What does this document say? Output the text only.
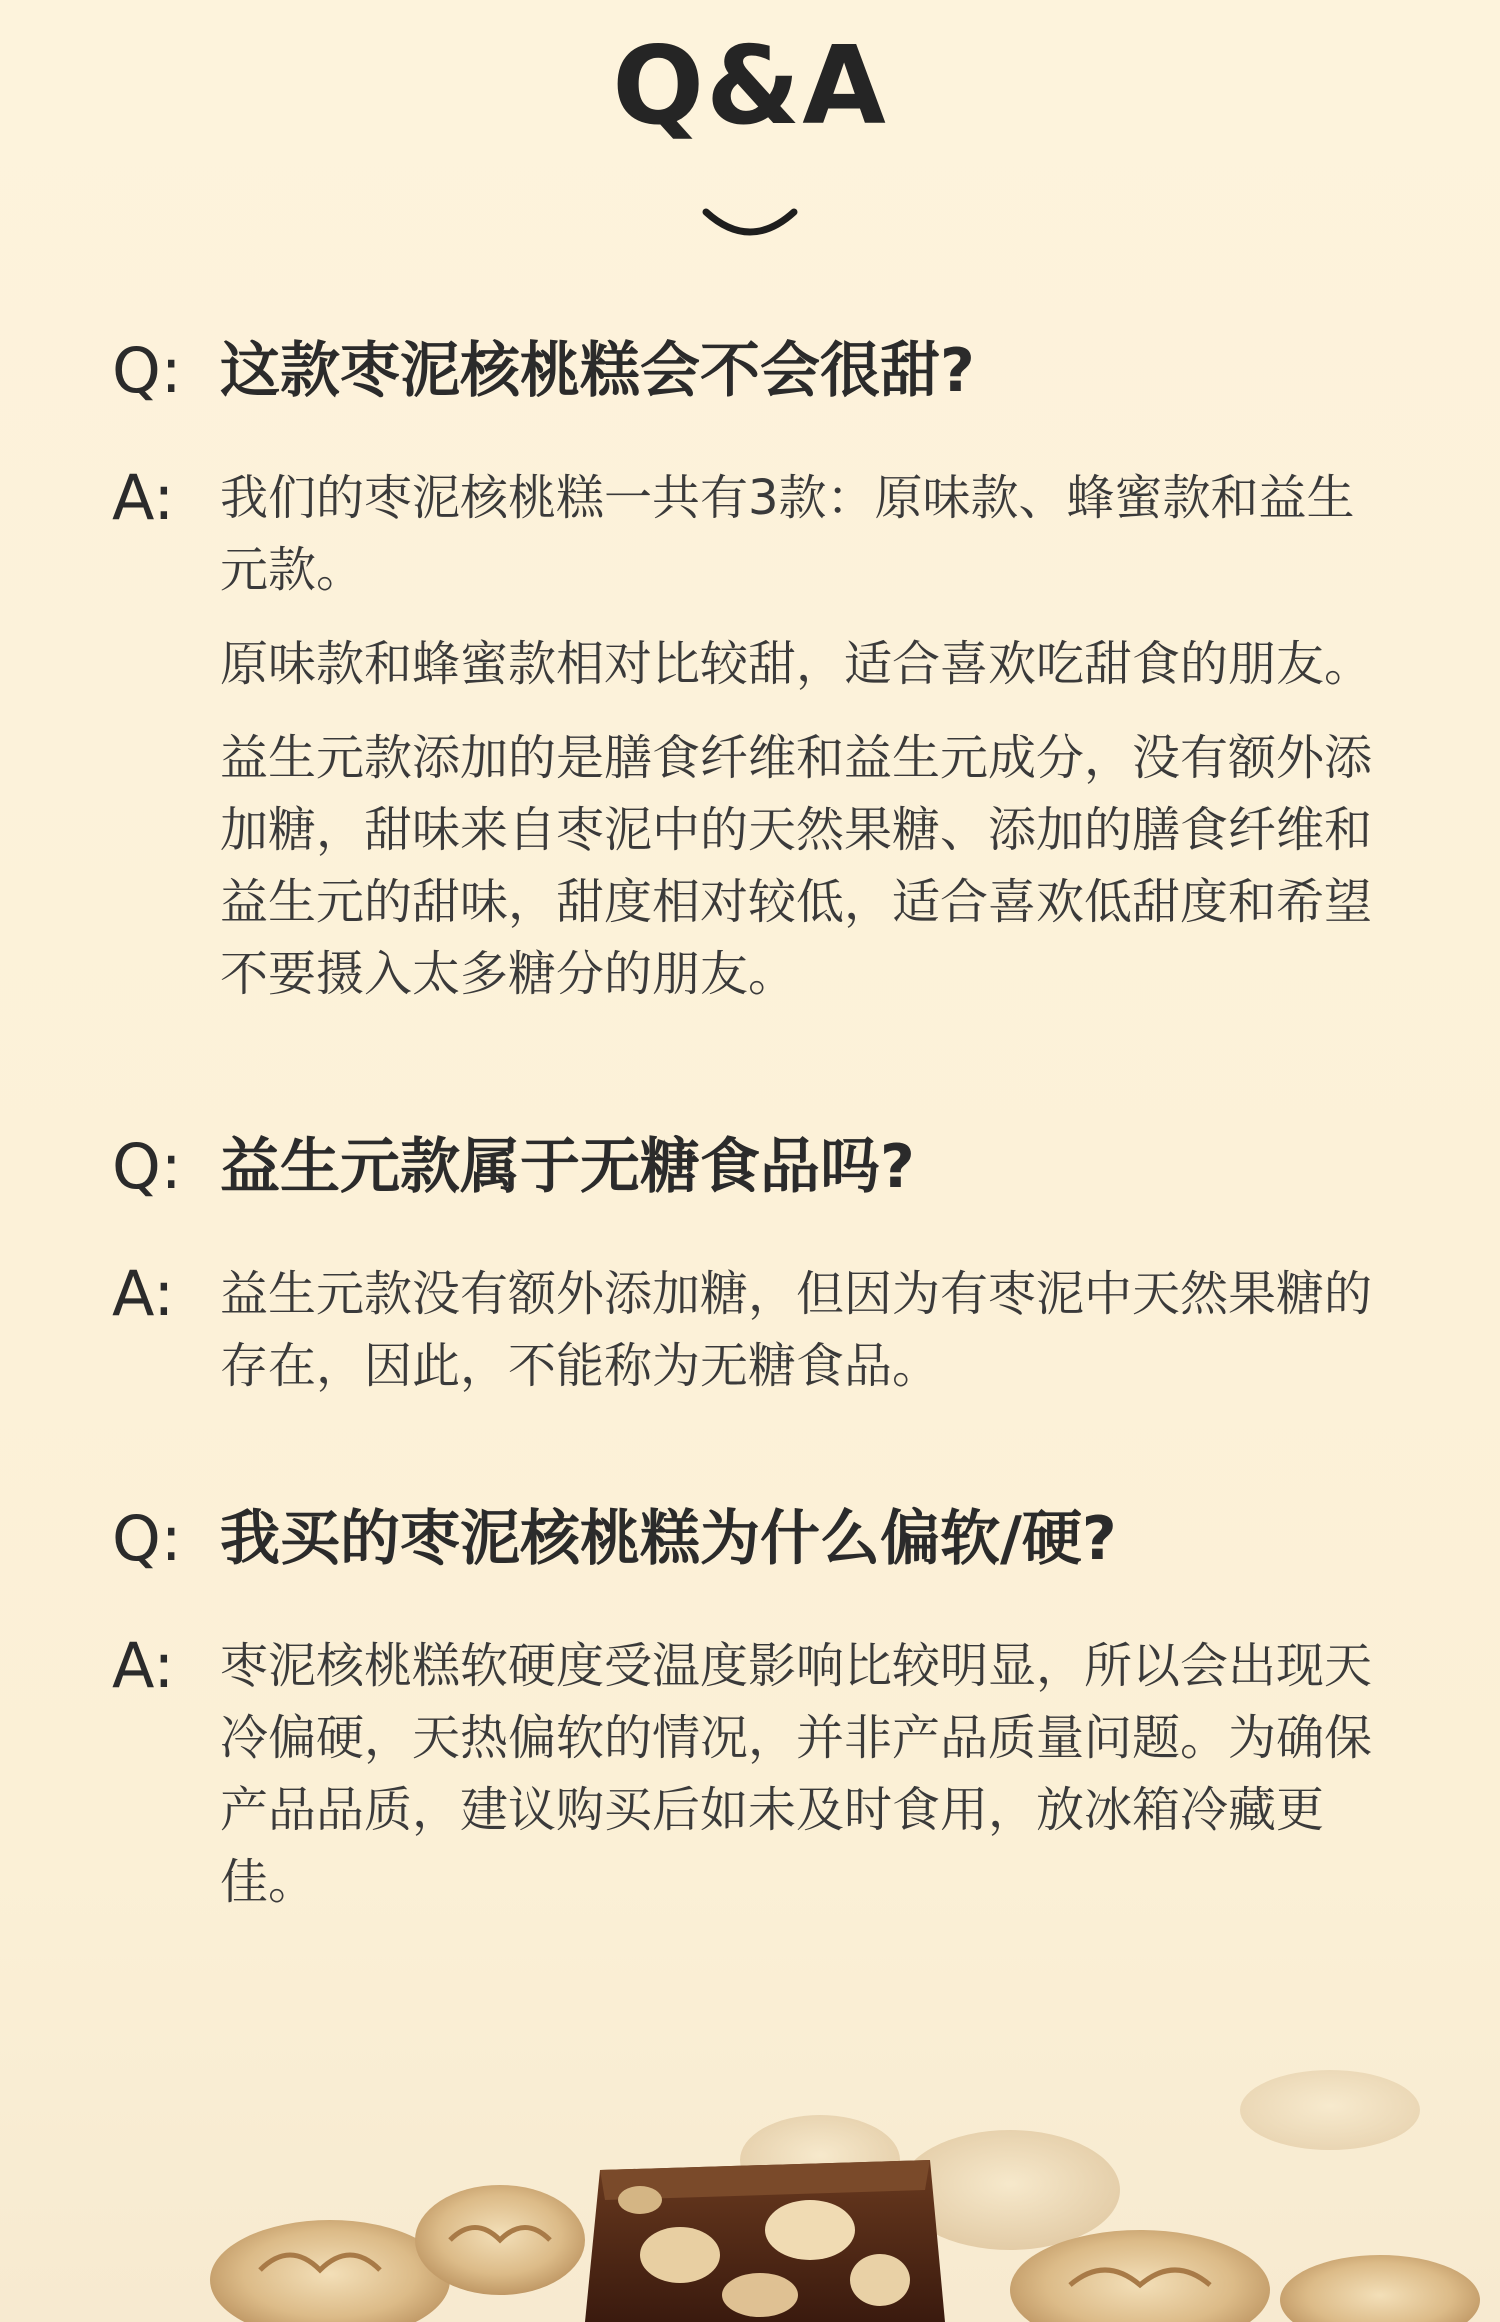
Q&A
Q: 这款枣泥核桃糕会不会很甜?
A: 我们的枣泥核桃糕一共有3款：原味款、蜂蜜款和益生元款。

原味款和蜂蜜款相对比较甜，适合喜欢吃甜食的朋友。

益生元款添加的是膳食纤维和益生元成分，没有额外添加糖，甜味来自枣泥中的天然果糖、添加的膳食纤维和益生元的甜味，甜度相对较低，适合喜欢低甜度和希望不要摄入太多糖分的朋友。

Q: 益生元款属于无糖食品吗?
A: 益生元款没有额外添加糖，但因为有枣泥中天然果糖的存在，因此，不能称为无糖食品。

Q: 我买的枣泥核桃糕为什么偏软/硬?
A: 枣泥核桃糕软硬度受温度影响比较明显，所以会出现天冷偏硬，天热偏软的情况，并非产品质量问题。为确保产品品质，建议购买后如未及时食用，放冰箱冷藏更佳。
